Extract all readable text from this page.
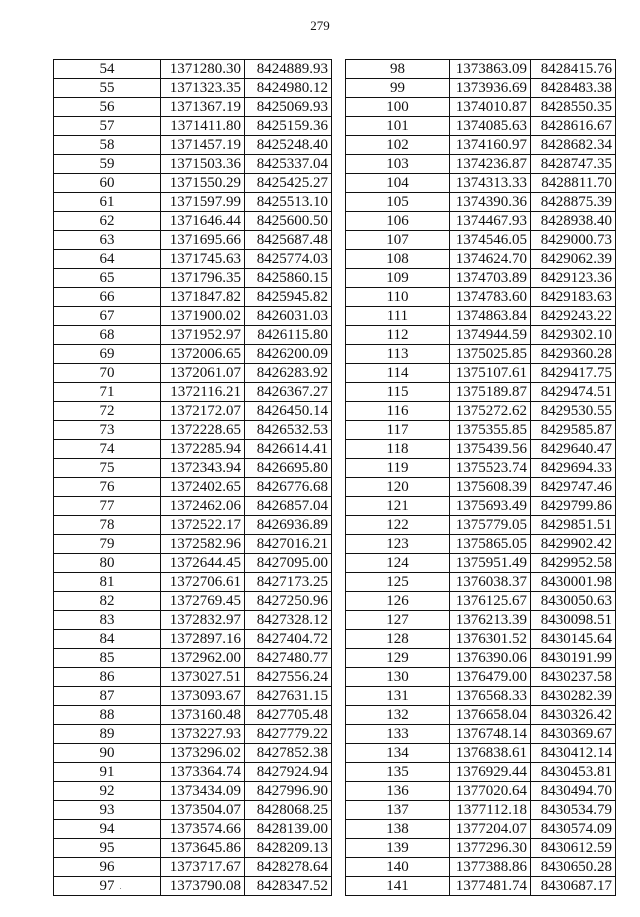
279
54	1371280.30	8424889.93
55	1371323.35	8424980.12
56	1371367.19	8425069.93
57	1371411.80	8425159.36
58	1371457.19	8425248.40
59	1371503.36	8425337.04
60	1371550.29	8425425.27
61	1371597.99	8425513.10
62	1371646.44	8425600.50
63	1371695.66	8425687.48
64	1371745.63	8425774.03
65	1371796.35	8425860.15
66	1371847.82	8425945.82
67	1371900.02	8426031.03
68	1371952.97	8426115.80
69	1372006.65	8426200.09
70	1372061.07	8426283.92
71	1372116.21	8426367.27
72	1372172.07	8426450.14
73	1372228.65	8426532.53
74	1372285.94	8426614.41
75	1372343.94	8426695.80
76	1372402.65	8426776.68
77	1372462.06	8426857.04
78	1372522.17	8426936.89
79	1372582.96	8427016.21
80	1372644.45	8427095.00
81	1372706.61	8427173.25
82	1372769.45	8427250.96
83	1372832.97	8427328.12
84	1372897.16	8427404.72
85	1372962.00	8427480.77
86	1373027.51	8427556.24
87	1373093.67	8427631.15
88	1373160.48	8427705.48
89	1373227.93	8427779.22
90	1373296.02	8427852.38
91	1373364.74	8427924.94
92	1373434.09	8427996.90
93	1373504.07	8428068.25
94	1373574.66	8428139.00
95	1373645.86	8428209.13
96	1373717.67	8428278.64
97	1373790.08	8428347.52
98	1373863.09	8428415.76
99	1373936.69	8428483.38
100	1374010.87	8428550.35
101	1374085.63	8428616.67
102	1374160.97	8428682.34
103	1374236.87	8428747.35
104	1374313.33	8428811.70
105	1374390.36	8428875.39
106	1374467.93	8428938.40
107	1374546.05	8429000.73
108	1374624.70	8429062.39
109	1374703.89	8429123.36
110	1374783.60	8429183.63
111	1374863.84	8429243.22
112	1374944.59	8429302.10
113	1375025.85	8429360.28
114	1375107.61	8429417.75
115	1375189.87	8429474.51
116	1375272.62	8429530.55
117	1375355.85	8429585.87
118	1375439.56	8429640.47
119	1375523.74	8429694.33
120	1375608.39	8429747.46
121	1375693.49	8429799.86
122	1375779.05	8429851.51
123	1375865.05	8429902.42
124	1375951.49	8429952.58
125	1376038.37	8430001.98
126	1376125.67	8430050.63
127	1376213.39	8430098.51
128	1376301.52	8430145.64
129	1376390.06	8430191.99
130	1376479.00	8430237.58
131	1376568.33	8430282.39
132	1376658.04	8430326.42
133	1376748.14	8430369.67
134	1376838.61	8430412.14
135	1376929.44	8430453.81
136	1377020.64	8430494.70
137	1377112.18	8430534.79
138	1377204.07	8430574.09
139	1377296.30	8430612.59
140	1377388.86	8430650.28
141	1377481.74	8430687.17
